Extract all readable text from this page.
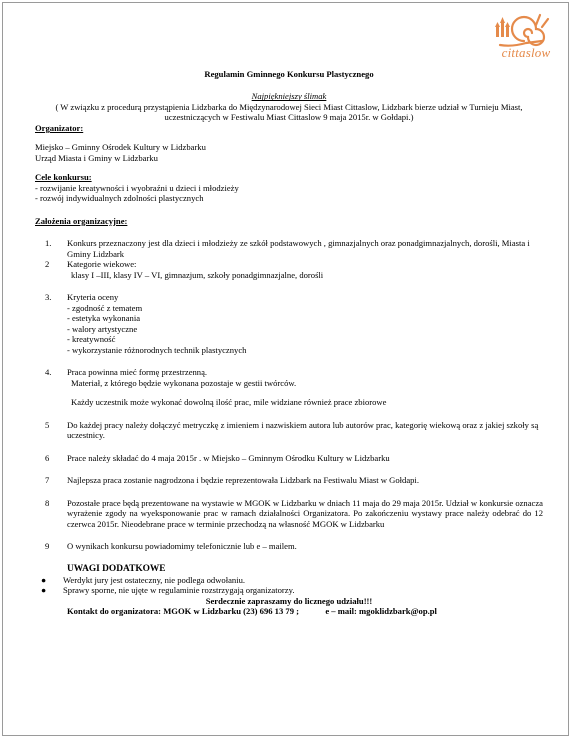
cittaslow
Regulamin Gminnego Konkursu Plastycznego
Najpiękniejszy ślimak
( W związku z procedurą przystąpienia Lidzbarka do Międzynarodowej Sieci Miast Cittaslow, Lidzbark bierze udział w Turnieju Miast, uczestniczących w Festiwalu Miast Cittaslow 9 maja 2015r. w Gołdapi.)
Organizator:
Miejsko – Gminny Ośrodek Kultury w Lidzbarku
Urząd Miasta i Gminy w Lidzbarku
Cele konkursu:
- rozwijanie kreatywności i wyobraźni u dzieci i młodzieży
- rozwój indywidualnych zdolności plastycznych
Założenia organizacyjne:
1.	Konkurs przeznaczony jest dla dzieci i młodzieży ze szkół podstawowych , gimnazjalnych oraz ponadgimnazjalnych, dorośli, Miasta i Gminy Lidzbark
2	Kategorie wiekowe:
klasy I –III, klasy IV – VI, gimnazjum, szkoły ponadgimnazjalne, dorośli
3.	Kryteria oceny
- zgodność z tematem
- estetyka wykonania
- walory artystyczne
- kreatywność
- wykorzystanie różnorodnych technik plastycznych
4.	Praca powinna mieć formę przestrzenną.
Materiał, z którego będzie wykonana pozostaje w gestii twórców.
Każdy uczestnik może wykonać dowolną ilość prac, mile widziane również prace zbiorowe
5	Do każdej pracy należy dołączyć metryczkę z imieniem i nazwiskiem autora lub autorów prac, kategorię wiekową oraz z jakiej szkoły są uczestnicy.
6	Prace należy składać do 4 maja 2015r . w Miejsko – Gminnym Ośrodku Kultury w Lidzbarku
7	Najlepsza praca zostanie nagrodzona i będzie reprezentowała Lidzbark na Festiwalu Miast w Gołdapi.
8	Pozostałe prace będą prezentowane na wystawie w MGOK w Lidzbarku w dniach 11 maja do 29 maja 2015r. Udział w konkursie oznacza wyrażenie zgody na wyeksponowanie prac w ramach działalności Organizatora. Po zakończeniu wystawy prace należy odebrać do 12 czerwca 2015r. Nieodebrane prace w terminie przechodzą na własność MGOK w Lidzbarku
9	O wynikach konkursu powiadomimy telefonicznie lub e – mailem.
UWAGI DODATKOWE
●	Werdykt jury jest ostateczny, nie podlega odwołaniu.
●	Sprawy sporne, nie ujęte w regulaminie rozstrzygają organizatorzy.
Serdecznie zapraszamy do licznego udziału!!!
Kontakt do organizatora: MGOK w Lidzbarku (23) 696 13 79 ;	e – mail: mgoklidzbark@op.pl
